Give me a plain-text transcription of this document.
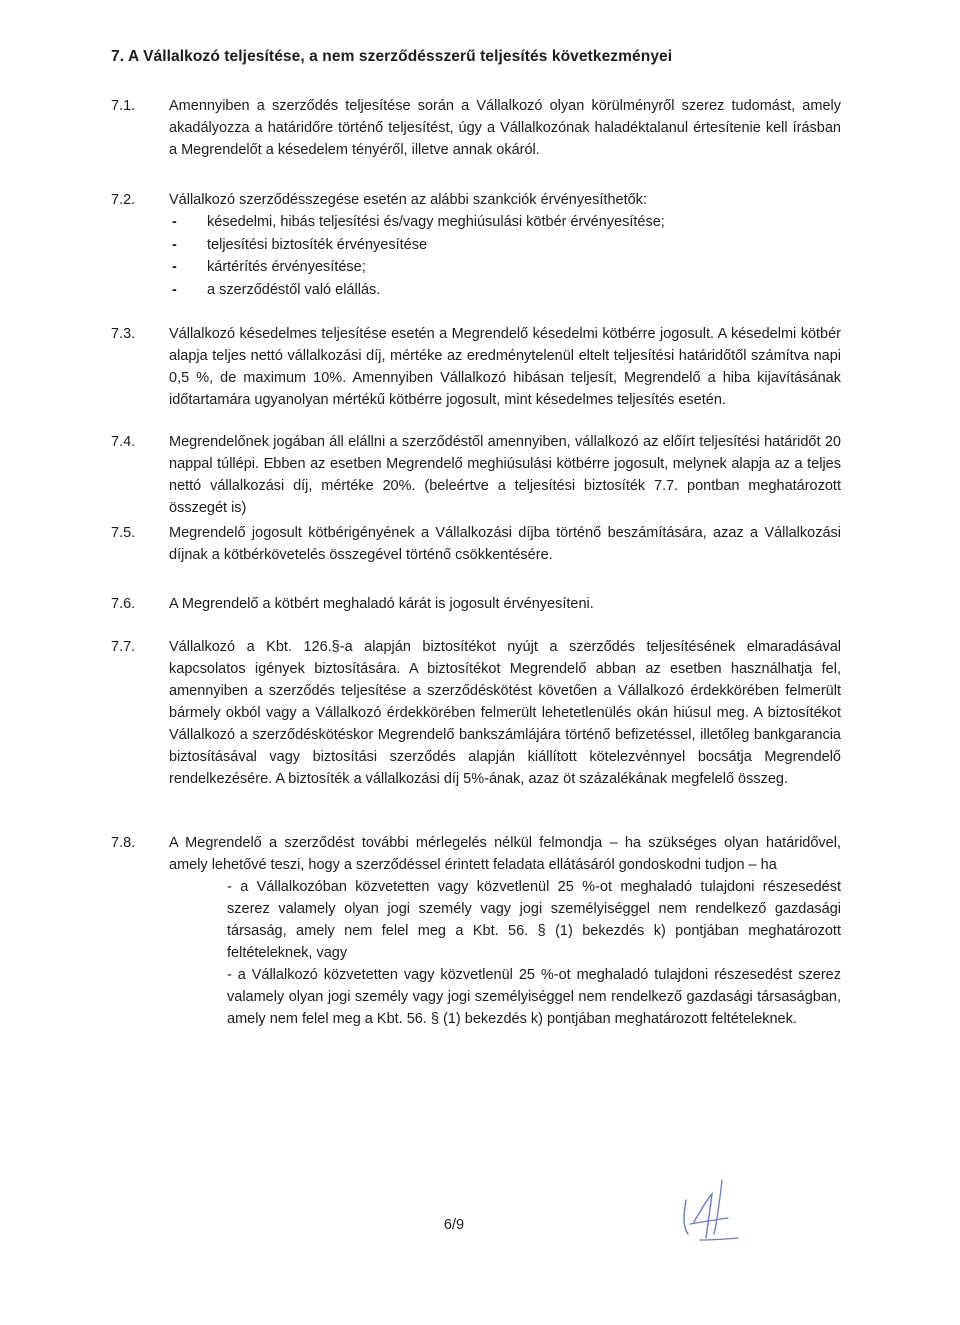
7. A Vállalkozó teljesítése, a nem szerződésszerű teljesítés következményei
7.1.	Amennyiben a szerződés teljesítése során a Vállalkozó olyan körülményről szerez tudomást, amely akadályozza a határidőre történő teljesítést, úgy a Vállalkozónak haladéktalanul értesítenie kell írásban a Megrendelőt a késedelem tényéről, illetve annak okáról.

7.2.	Vállalkozó szerződésszegése esetén az alábbi szankciók érvényesíthetők:

- késedelmi, hibás teljesítési és/vagy meghiúsulási kötbér érvényesítése;
- teljesítési biztosíték érvényesítése
- kártérítés érvényesítése;
- a szerződéstől való elállás.
7.3.	Vállalkozó késedelmes teljesítése esetén a Megrendelő késedelmi kötbérre jogosult. A késedelmi kötbér alapja teljes nettó vállalkozási díj, mértéke az eredménytelenül eltelt teljesítési határidőtől számítva napi 0,5 %, de maximum 10%. Amennyiben Vállalkozó hibásan teljesít, Megrendelő a hiba kijavításának időtartamára ugyanolyan mértékű kötbérre jogosult, mint késedelmes teljesítés esetén.

7.4.	Megrendelőnek jogában áll elállni a szerződéstől amennyiben, vállalkozó az előírt teljesítési határidőt 20 nappal túllépi. Ebben az esetben Megrendelő meghiúsulási kötbérre jogosult, melynek alapja az a teljes nettó vállalkozási díj, mértéke 20%. (beleértve a teljesítési biztosíték 7.7. pontban meghatározott összegét is)

7.5.	Megrendelő jogosult kötbérigényének a Vállalkozási díjba történő beszámítására, azaz a Vállalkozási díjnak a kötbérkövetelés összegével történő csökkentésére.

7.6.	A Megrendelő a kötbért meghaladó kárát is jogosult érvényesíteni.

7.7.	Vállalkozó a Kbt. 126.§-a alapján biztosítékot nyújt a szerződés teljesítésének elmaradásával kapcsolatos igények biztosítására. A biztosítékot Megrendelő abban az esetben használhatja fel, amennyiben a szerződés teljesítése a szerződéskötést követően a Vállalkozó érdekkörében felmerült bármely okból vagy a Vállalkozó érdekkörében felmerült lehetetlenülés okán hiúsul meg. A biztosítékot Vállalkozó a szerződéskötéskor Megrendelő bankszámlájára történő befizetéssel, illetőleg bankgarancia biztosításával vagy biztosítási szerződés alapján kiállított kötelezvénnyel bocsátja Megrendelő rendelkezésére. A biztosíték a vállalkozási díj 5%-ának, azaz öt százalékának megfelelő összeg.

7.8.	A Megrendelő a szerződést további mérlegelés nélkül felmondja – ha szükséges olyan határidővel, amely lehetővé teszi, hogy a szerződéssel érintett feladata ellátásáról gondoskodni tudjon – ha

- a Vállalkozóban közvetetten vagy közvetlenül 25 %-ot meghaladó tulajdoni részesedést szerez valamely olyan jogi személy vagy jogi személyiséggel nem rendelkező gazdasági társaság, amely nem felel meg a Kbt. 56. § (1) bekezdés k) pontjában meghatározott feltételeknek, vagy
- a Vállalkozó közvetetten vagy közvetlenül 25 %-ot meghaladó tulajdoni részesedést szerez valamely olyan jogi személy vagy jogi személyiséggel nem rendelkező gazdasági társaságban, amely nem felel meg a Kbt. 56. § (1) bekezdés k) pontjában meghatározott feltételeknek.
6/9
